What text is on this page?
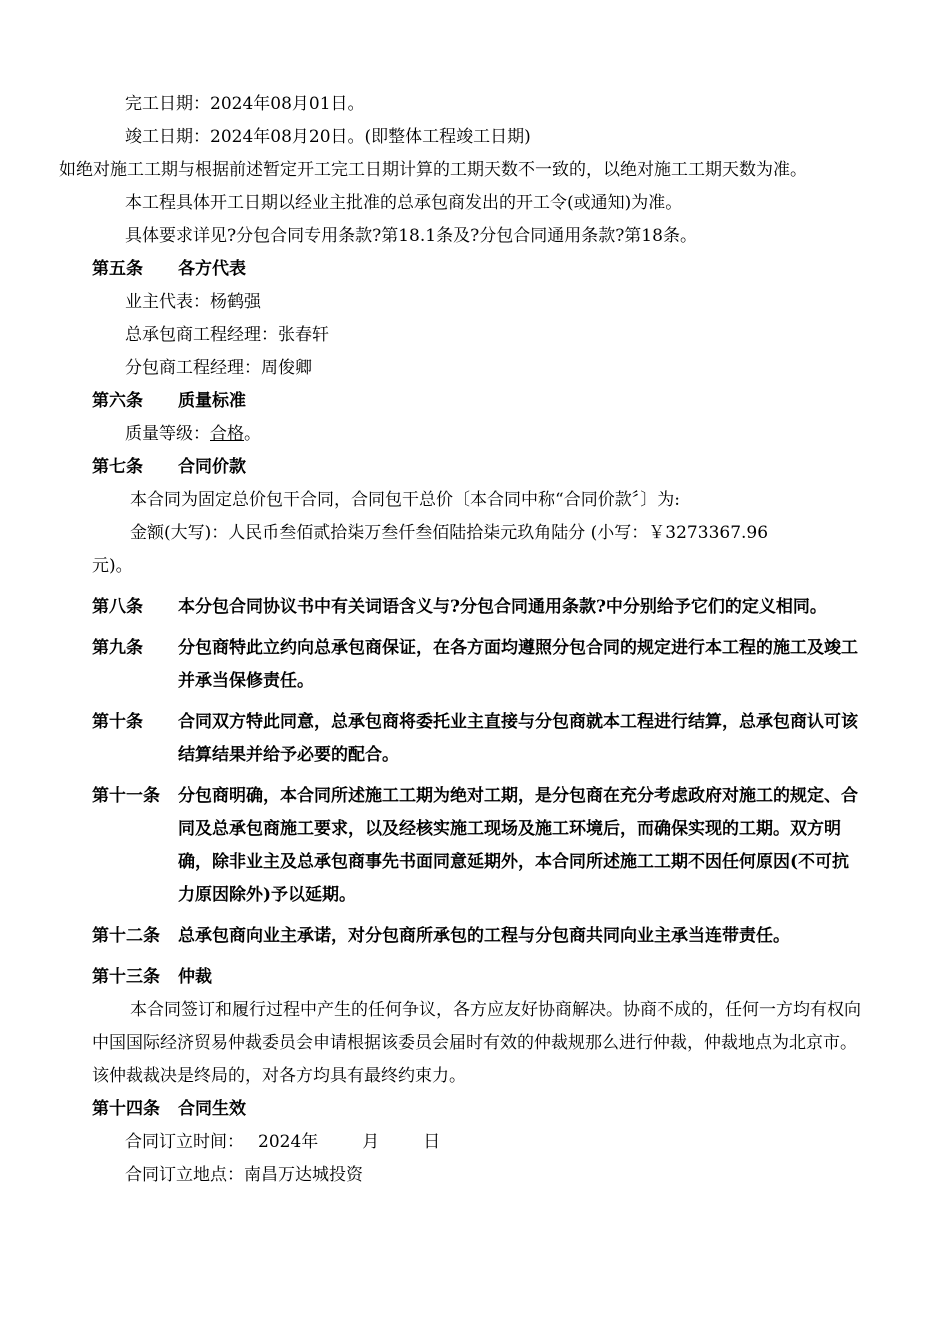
完工日期：2024年08月01日。
竣工日期：2024年08月20日。(即整体工程竣工日期)
如绝对施工工期与根据前述暂定开工完工日期计算的工期天数不一致的，以绝对施工工期天数为准。
本工程具体开工日期以经业主批准的总承包商发出的开工令(或通知)为准。
具体要求详见?分包合同专用条款?第18.1条及?分包合同通用条款?第18条。
第五条 各方代表
业主代表：杨鹤强
总承包商工程经理：张春轩
分包商工程经理：周俊卿
第六条 质量标准
质量等级：合格。
第七条 合同价款
本合同为固定总价包干合同，合同包干总价〔本合同中称“合同价款〞〕为:
金额(大写)：人民币叁佰贰拾柒万叁仟叁佰陆拾柒元玖角陆分 (小写：￥3273367.96
元)。
第八条	本分包合同协议书中有关词语含义与?分包合同通用条款?中分别给予它们的定义相同。
第九条	分包商特此立约向总承包商保证，在各方面均遵照分包合同的规定进行本工程的施工及竣工并承当保修责任。
第十条	合同双方特此同意，总承包商将委托业主直接与分包商就本工程进行结算，总承包商认可该结算结果并给予必要的配合。
第十一条	分包商明确，本合同所述施工工期为绝对工期，是分包商在充分考虑政府对施工的规定、合同及总承包商施工要求，以及经核实施工现场及施工环境后，而确保实现的工期。双方明确，除非业主及总承包商事先书面同意延期外，本合同所述施工工期不因任何原因(不可抗力原因除外)予以延期。
第十二条	总承包商向业主承诺，对分包商所承包的工程与分包商共同向业主承当连带责任。
第十三条 仲裁
本合同签订和履行过程中产生的任何争议，各方应友好协商解决。协商不成的，任何一方均有权向中国国际经济贸易仲裁委员会申请根据该委员会届时有效的仲裁规那么进行仲裁，仲裁地点为北京市。该仲裁裁决是终局的，对各方均具有最终约束力。
第十四条 合同生效
合同订立时间： 2024年	月	日
合同订立地点：南昌万达城投资
